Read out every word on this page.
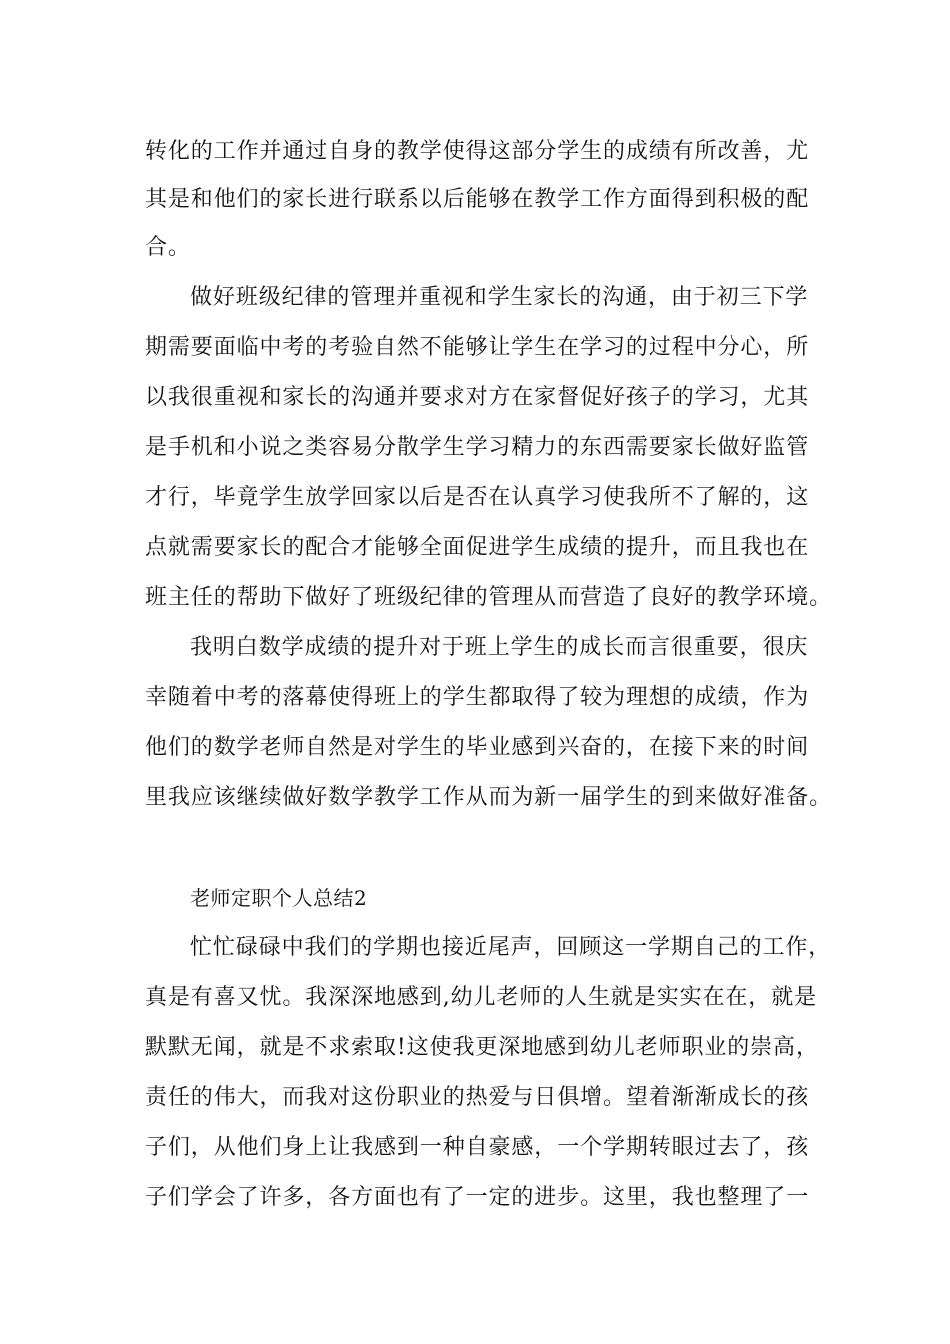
转化的工作并通过自身的教学使得这部分学生的成绩有所改善，尤
其是和他们的家长进行联系以后能够在教学工作方面得到积极的配
合。
做好班级纪律的管理并重视和学生家长的沟通，由于初三下学
期需要面临中考的考验自然不能够让学生在学习的过程中分心，所
以我很重视和家长的沟通并要求对方在家督促好孩子的学习，尤其
是手机和小说之类容易分散学生学习精力的东西需要家长做好监管
才行，毕竟学生放学回家以后是否在认真学习使我所不了解的，这
点就需要家长的配合才能够全面促进学生成绩的提升，而且我也在
班主任的帮助下做好了班级纪律的管理从而营造了良好的教学环境。
我明白数学成绩的提升对于班上学生的成长而言很重要，很庆
幸随着中考的落幕使得班上的学生都取得了较为理想的成绩，作为
他们的数学老师自然是对学生的毕业感到兴奋的，在接下来的时间
里我应该继续做好数学教学工作从而为新一届学生的到来做好准备。
老师定职个人总结2
忙忙碌碌中我们的学期也接近尾声，回顾这一学期自己的工作，
真是有喜又忧。我深深地感到,幼儿老师的人生就是实实在在，就是
默默无闻，就是不求索取!这使我更深地感到幼儿老师职业的崇高，
责任的伟大，而我对这份职业的热爱与日俱增。望着渐渐成长的孩
子们，从他们身上让我感到一种自豪感，一个学期转眼过去了，孩
子们学会了许多，各方面也有了一定的进步。这里，我也整理了一
